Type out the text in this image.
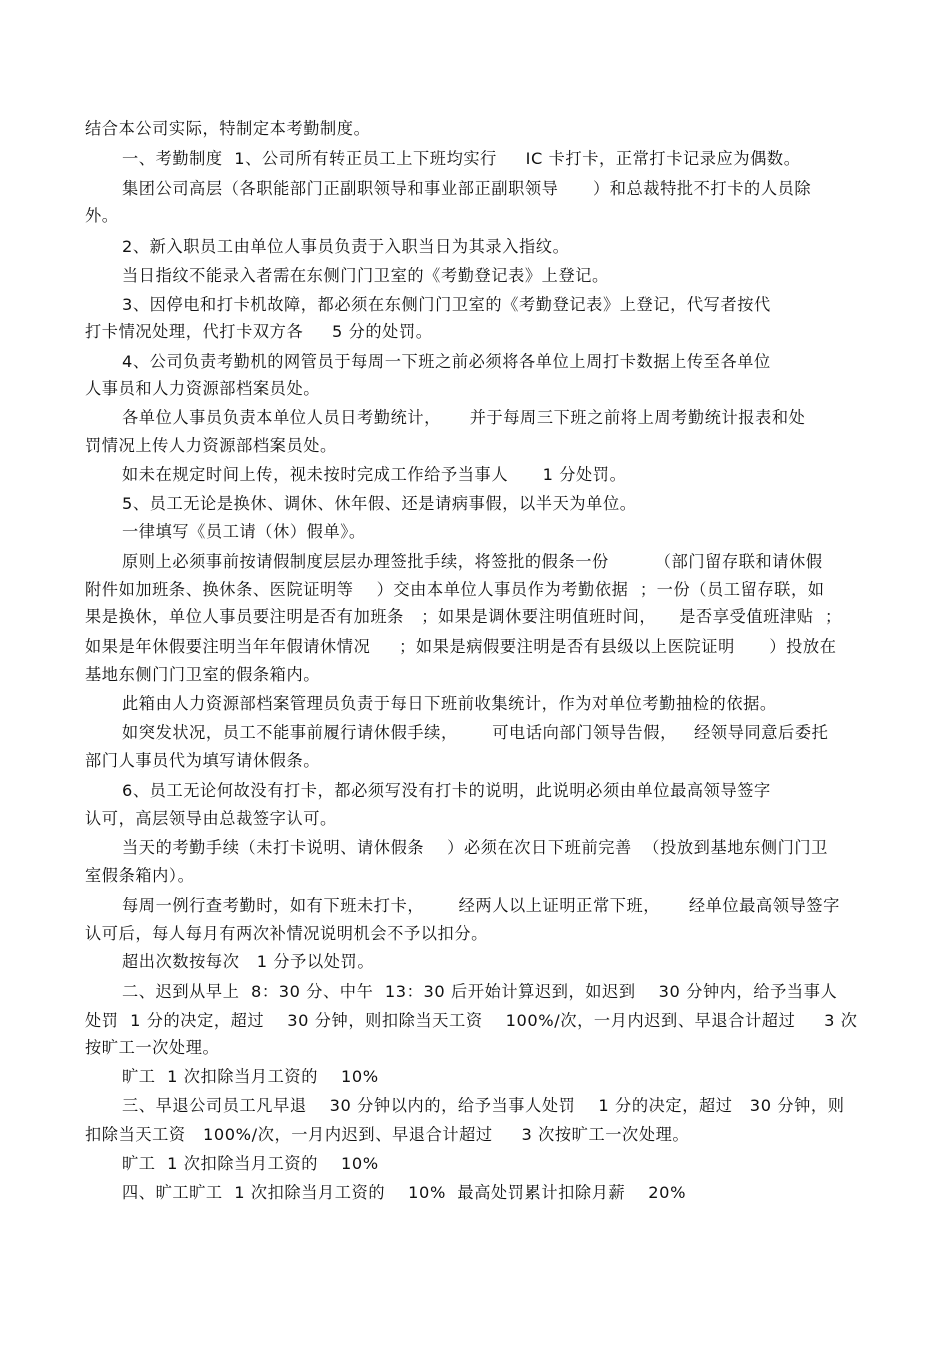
结合本公司实际，特制定本考勤制度。
一、考勤制度  1、公司所有转正员工上下班均实行     IC 卡打卡，正常打卡记录应为偶数。
集团公司高层（各职能部门正副职领导和事业部正副职领导      ）和总裁特批不打卡的人员除
外。
2、新入职员工由单位人事员负责于入职当日为其录入指纹。
当日指纹不能录入者需在东侧门门卫室的《考勤登记表》上登记。
3、因停电和打卡机故障，都必须在东侧门门卫室的《考勤登记表》上登记，代写者按代
打卡情况处理，代打卡双方各     5 分的处罚。
4、公司负责考勤机的网管员于每周一下班之前必须将各单位上周打卡数据上传至各单位
人事员和人力资源部档案员处。
各单位人事员负责本单位人员日考勤统计，     并于每周三下班之前将上周考勤统计报表和处
罚情况上传人力资源部档案员处。
如未在规定时间上传，视未按时完成工作给予当事人      1 分处罚。
5、员工无论是换休、调休、休年假、还是请病事假，以半天为单位。
一律填写《员工请（休）假单》。
原则上必须事前按请假制度层层办理签批手续，将签批的假条一份        （部门留存联和请休假
附件如加班条、换休条、医院证明等    ）交由本单位人事员作为考勤依据  ；一份（员工留存联，如
果是换休，单位人事员要注明是否有加班条   ；如果是调休要注明值班时间，    是否享受值班津贴  ；
如果是年休假要注明当年年假请休情况     ；如果是病假要注明是否有县级以上医院证明      ）投放在
基地东侧门门卫室的假条箱内。
此箱由人力资源部档案管理员负责于每日下班前收集统计，作为对单位考勤抽检的依据。
如突发状况，员工不能事前履行请休假手续，      可电话向部门领导告假，   经领导同意后委托
部门人事员代为填写请休假条。
6、员工无论何故没有打卡，都必须写没有打卡的说明，此说明必须由单位最高领导签字
认可，高层领导由总裁签字认可。
当天的考勤手续（未打卡说明、请休假条    ）必须在次日下班前完善  （投放到基地东侧门门卫
室假条箱内）。
每周一例行查考勤时，如有下班未打卡，      经两人以上证明正常下班，     经单位最高领导签字
认可后，每人每月有两次补情况说明机会不予以扣分。
超出次数按每次   1 分予以处罚。
二、迟到从早上  8：30 分、中午  13：30 后开始计算迟到，如迟到    30 分钟内，给予当事人
处罚  1 分的决定，超过    30 分钟，则扣除当天工资    100%/次，一月内迟到、早退合计超过     3 次
按旷工一次处理。
旷工  1 次扣除当月工资的    10%
三、早退公司员工凡早退    30 分钟以内的，给予当事人处罚    1 分的决定，超过   30 分钟，则
扣除当天工资   100%/次，一月内迟到、早退合计超过     3 次按旷工一次处理。
旷工  1 次扣除当月工资的    10%
四、旷工旷工  1 次扣除当月工资的    10%  最高处罚累计扣除月薪    20%
